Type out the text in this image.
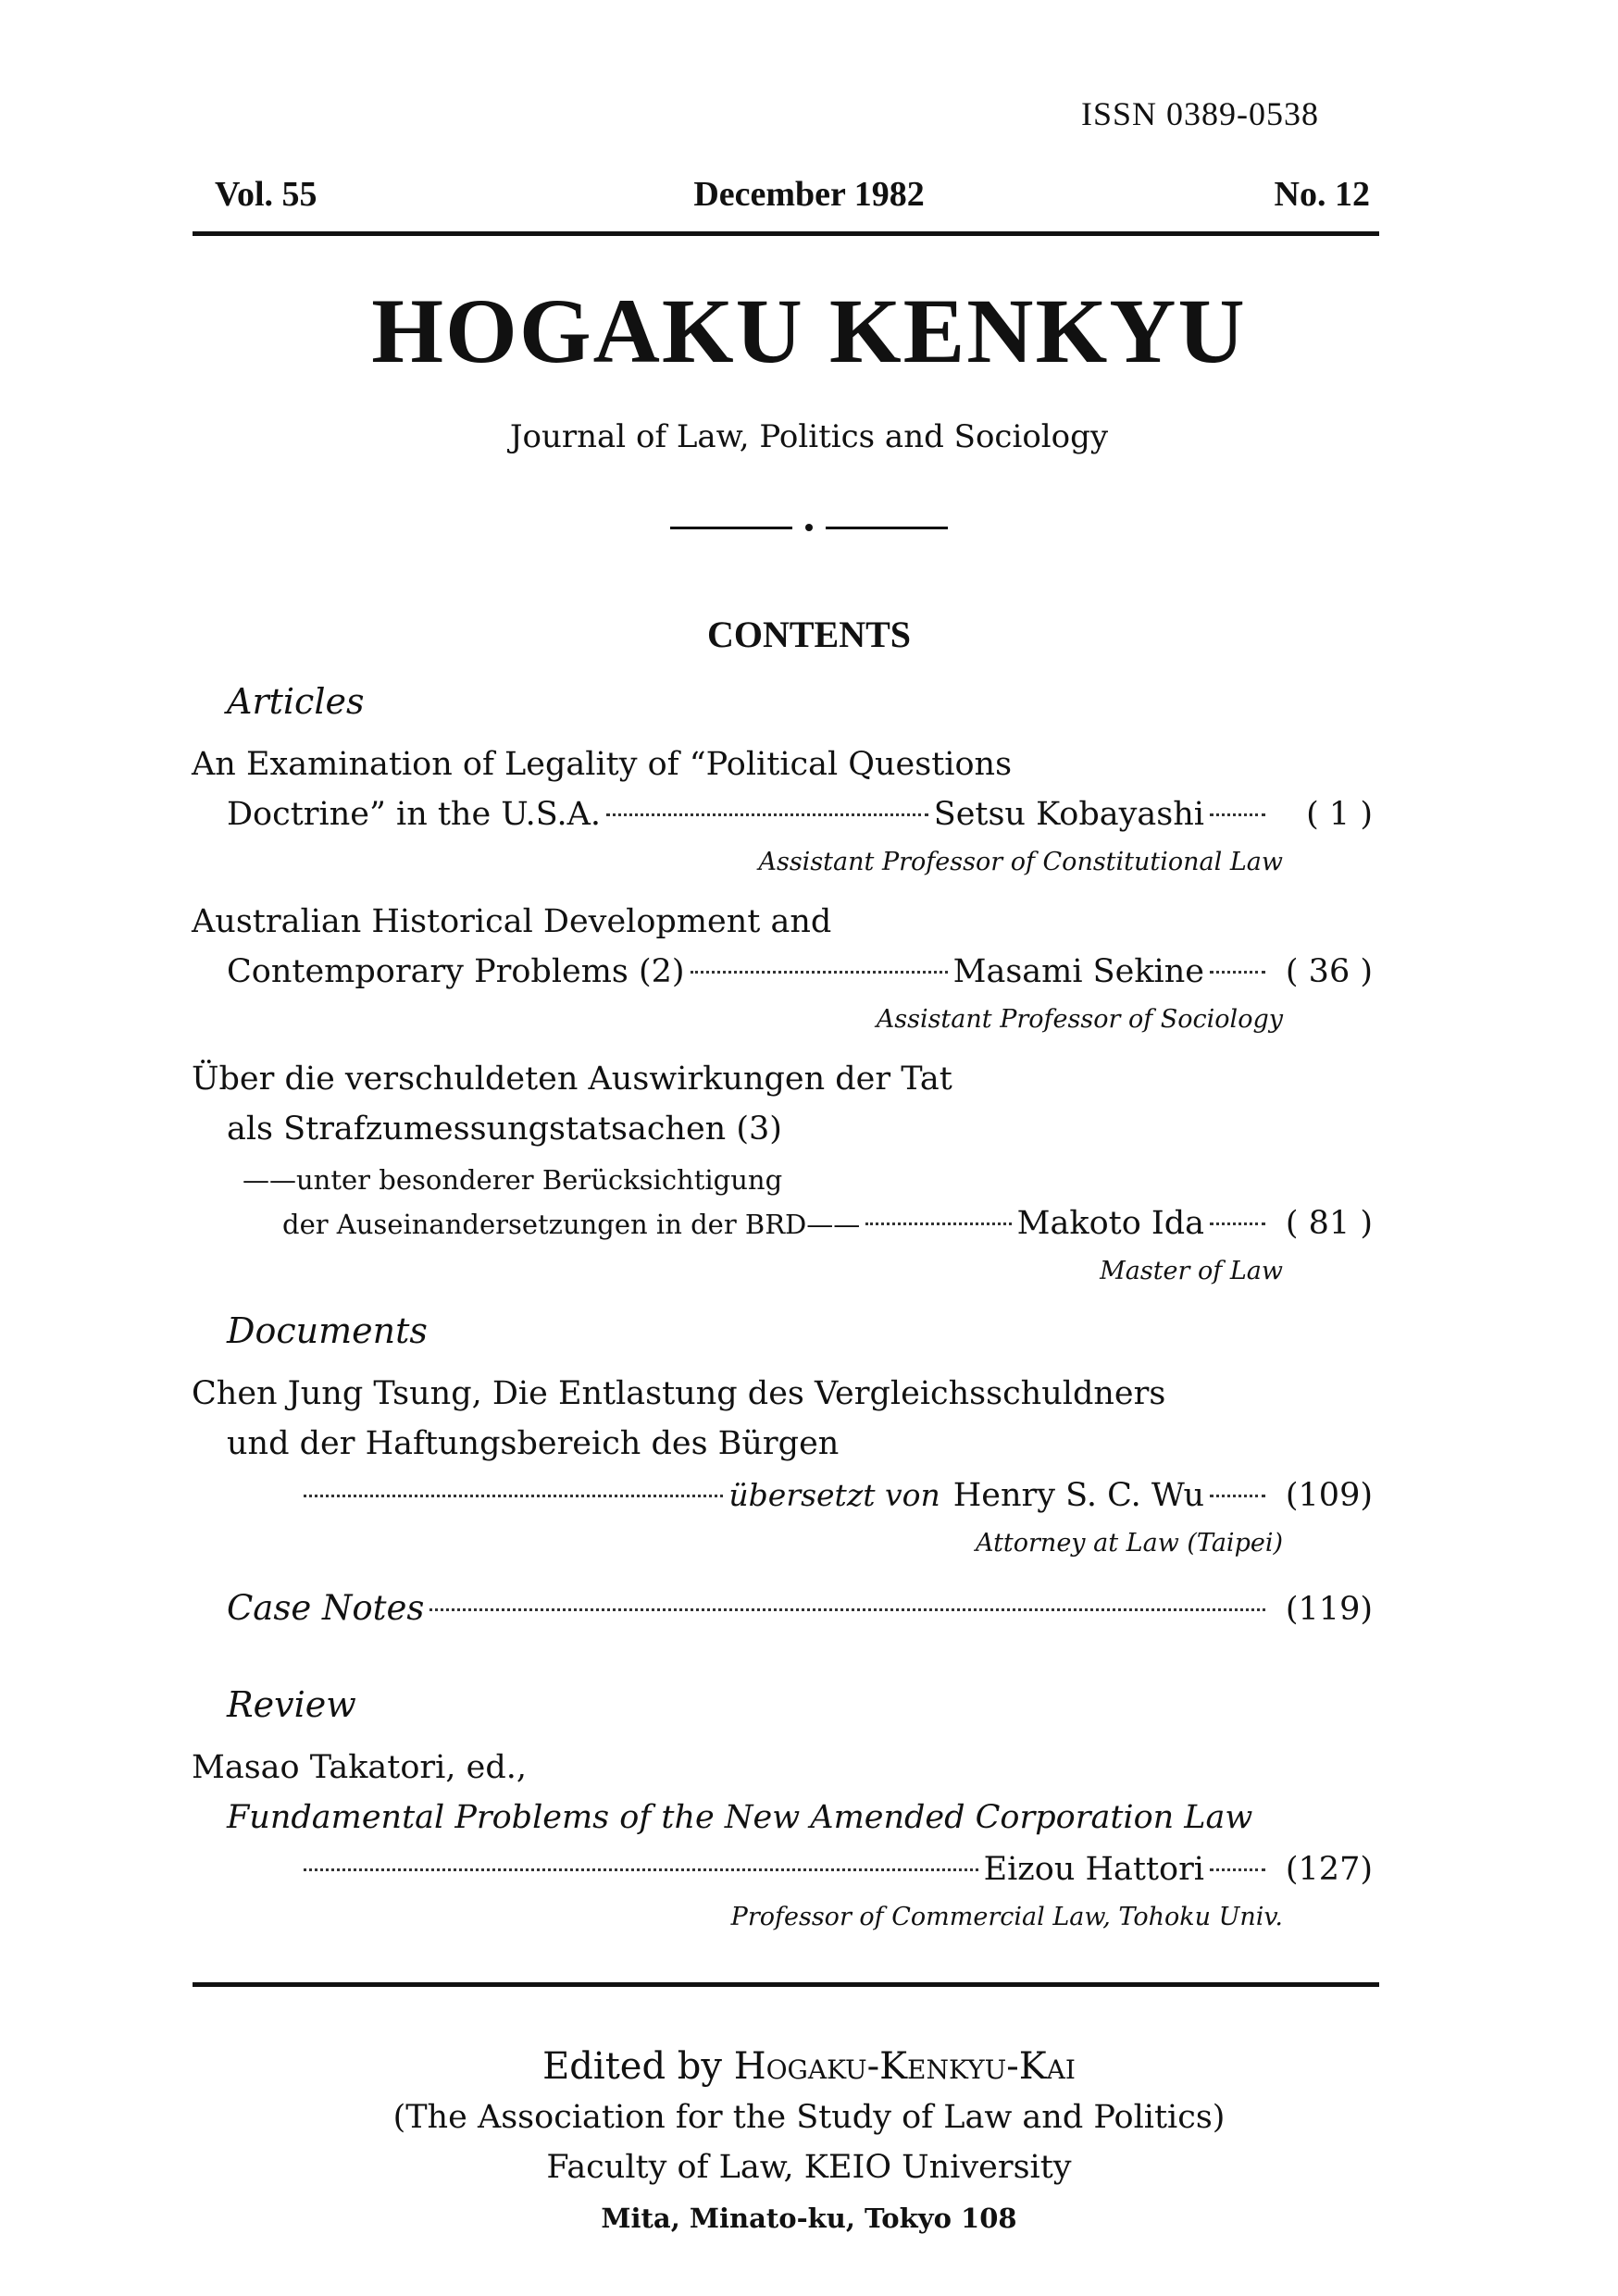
ISSN 0389-0538
Vol. 55	December 1982	No. 12
HOGAKU KENKYU
Journal of Law, Politics and Sociology
CONTENTS
Articles
An Examination of Legality of “Political Questions
Doctrine” in the U.S.A.	Setsu Kobayashi	( 1 )
Assistant Professor of Constitutional Law
Australian Historical Development and
Contemporary Problems (2)	Masami Sekine	( 36 )
Assistant Professor of Sociology
Über die verschuldeten Auswirkungen der Tat
als Strafzumessungstatsachen (3)
——unter besonderer Berücksichtigung
der Auseinandersetzungen in der BRD——	Makoto Ida	( 81 )
Master of Law
Documents
Chen Jung Tsung, Die Entlastung des Vergleichsschuldners
und der Haftungsbereich des Bürgen
übersetzt von Henry S. C. Wu	(109)
Attorney at Law (Taipei)
Case Notes	(119)
Review
Masao Takatori, ed.,
Fundamental Problems of the New Amended Corporation Law
Eizou Hattori	(127)
Professor of Commercial Law, Tohoku Univ.
Edited by Hogaku-Kenkyu-Kai
(The Association for the Study of Law and Politics)
Faculty of Law, KEIO University
Mita, Minato-ku, Tokyo 108
